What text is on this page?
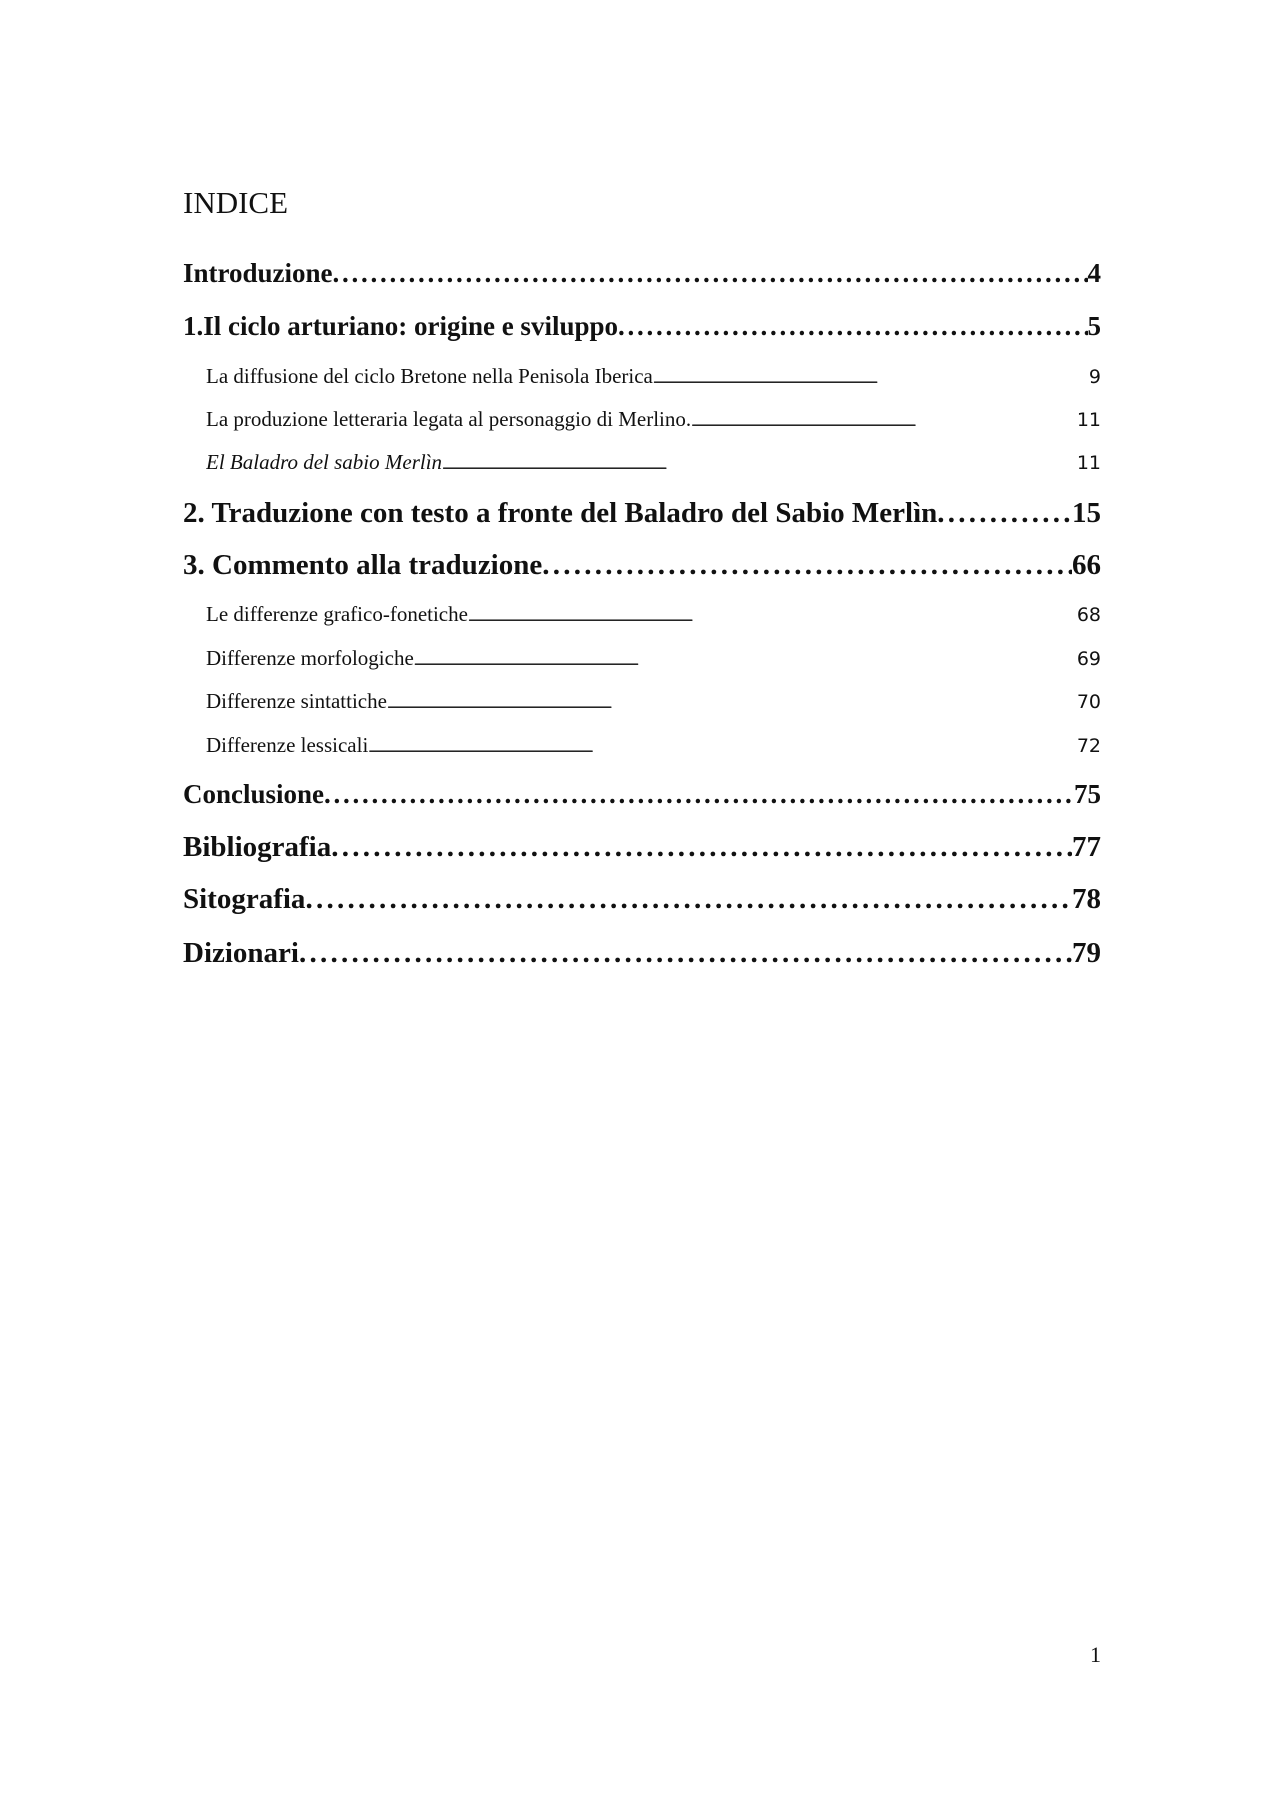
INDICE
Introduzione . . .	4
1.Il ciclo arturiano: origine e sviluppo . . .	5
La diffusione del ciclo Bretone nella Penisola Iberica . . .	9
La produzione letteraria legata al personaggio di Merlino. . . .	11
El Baladro del sabio Merlìn . . .	11
2. Traduzione con testo a fronte del Baladro del Sabio Merlìn . . .	15
3. Commento alla traduzione . . .	66
Le differenze grafico-fonetiche . . .	68
Differenze morfologiche . . .	69
Differenze sintattiche . . .	70
Differenze lessicali . . .	72
Conclusione . . .	75
Bibliografia . . .	77
Sitografia . . .	78
Dizionari . . .	79
1
